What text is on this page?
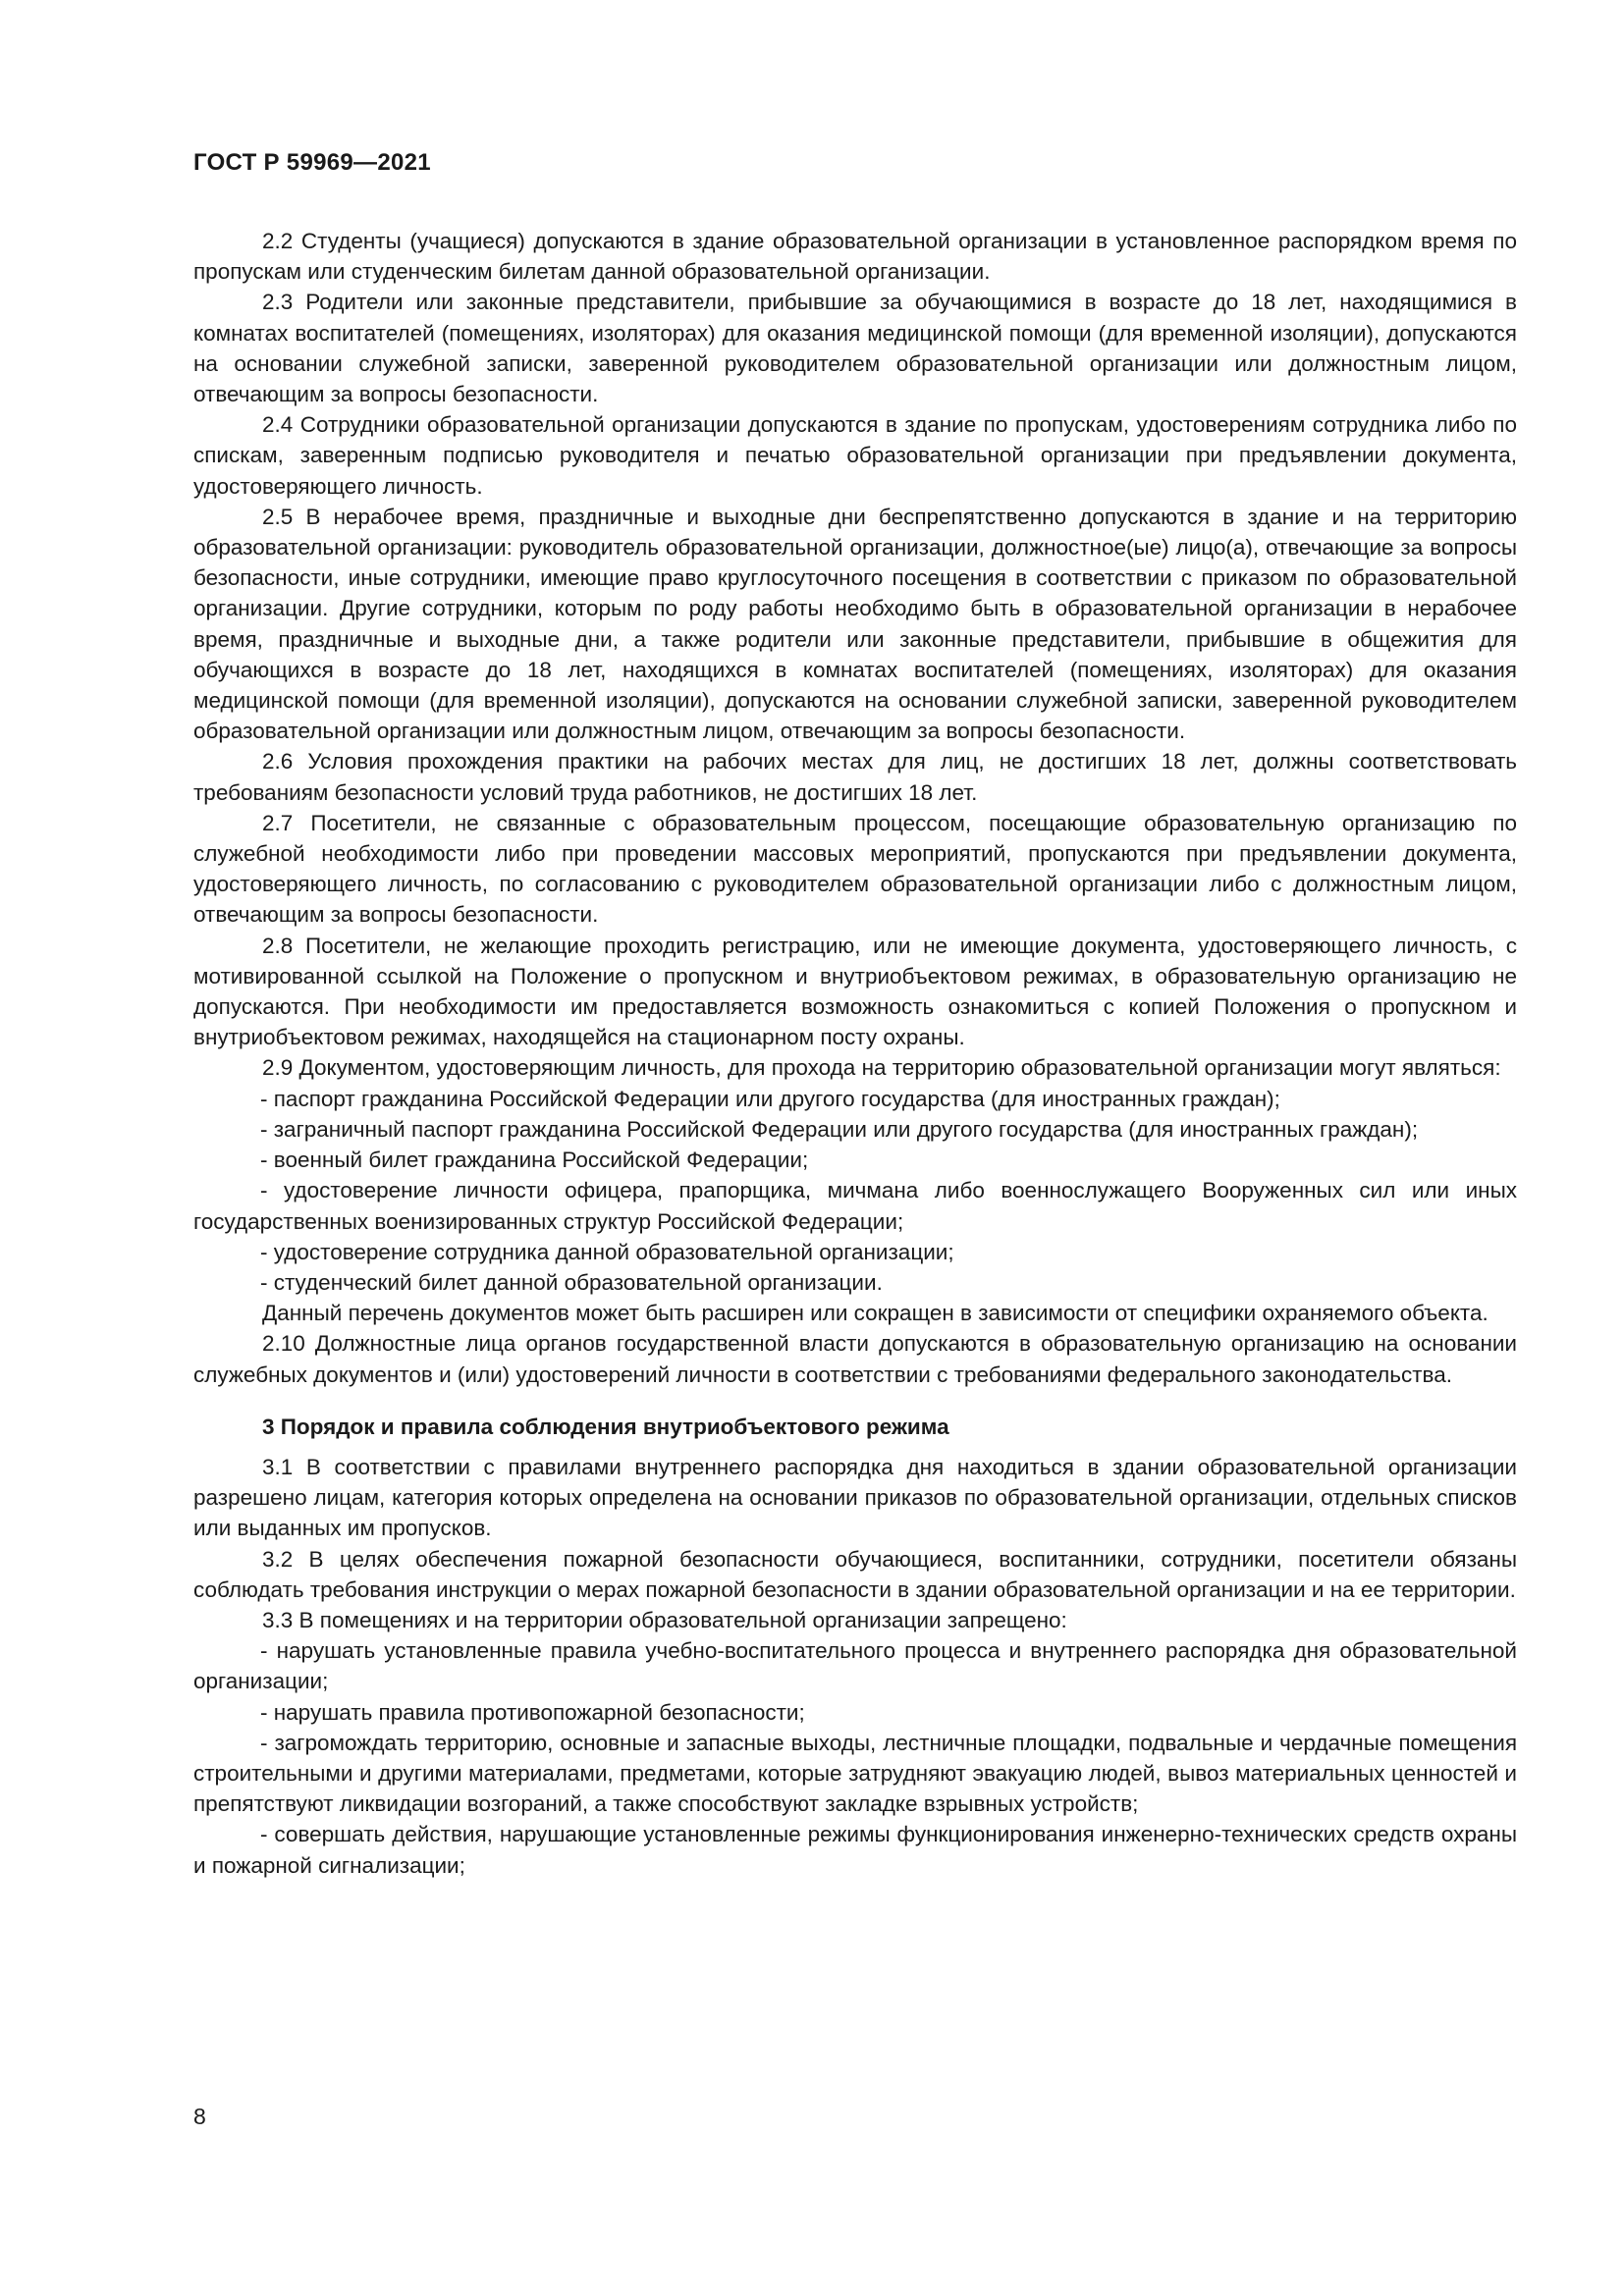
ГОСТ Р 59969—2021

2.2 Студенты (учащиеся) допускаются в здание образовательной организации в установленное распорядком время по пропускам или студенческим билетам данной образовательной организации.

2.3 Родители или законные представители, прибывшие за обучающимися в возрасте до 18 лет, находящимися в комнатах воспитателей (помещениях, изоляторах) для оказания медицинской помощи (для временной изоляции), допускаются на основании служебной записки, заверенной руководителем образовательной организации или должностным лицом, отвечающим за вопросы безопасности.

2.4 Сотрудники образовательной организации допускаются в здание по пропускам, удостоверениям сотрудника либо по спискам, заверенным подписью руководителя и печатью образовательной организации при предъявлении документа, удостоверяющего личность.

2.5 В нерабочее время, праздничные и выходные дни беспрепятственно допускаются в здание и на территорию образовательной организации: руководитель образовательной организации, должностное(ые) лицо(а), отвечающие за вопросы безопасности, иные сотрудники, имеющие право круглосуточного посещения в соответствии с приказом по образовательной организации. Другие сотрудники, которым по роду работы необходимо быть в образовательной организации в нерабочее время, праздничные и выходные дни, а также родители или законные представители, прибывшие в общежития для обучающихся в возрасте до 18 лет, находящихся в комнатах воспитателей (помещениях, изоляторах) для оказания медицинской помощи (для временной изоляции), допускаются на основании служебной записки, заверенной руководителем образовательной организации или должностным лицом, отвечающим за вопросы безопасности.

2.6 Условия прохождения практики на рабочих местах для лиц, не достигших 18 лет, должны соответствовать требованиям безопасности условий труда работников, не достигших 18 лет.

2.7 Посетители, не связанные с образовательным процессом, посещающие образовательную организацию по служебной необходимости либо при проведении массовых мероприятий, пропускаются при предъявлении документа, удостоверяющего личность, по согласованию с руководителем образовательной организации либо с должностным лицом, отвечающим за вопросы безопасности.

2.8 Посетители, не желающие проходить регистрацию, или не имеющие документа, удостоверяющего личность, с мотивированной ссылкой на Положение о пропускном и внутриобъектовом режимах, в образовательную организацию не допускаются. При необходимости им предоставляется возможность ознакомиться с копией Положения о пропускном и внутриобъектовом режимах, находящейся на стационарном посту охраны.

2.9 Документом, удостоверяющим личность, для прохода на территорию образовательной организации могут являться:

- паспорт гражданина Российской Федерации или другого государства (для иностранных граждан);

- заграничный паспорт гражданина Российской Федерации или другого государства (для иностранных граждан);

- военный билет гражданина Российской Федерации;

- удостоверение личности офицера, прапорщика, мичмана либо военнослужащего Вооруженных сил или иных государственных военизированных структур Российской Федерации;

- удостоверение сотрудника данной образовательной организации;

- студенческий билет данной образовательной организации.

Данный перечень документов может быть расширен или сокращен в зависимости от специфики охраняемого объекта.

2.10 Должностные лица органов государственной власти допускаются в образовательную организацию на основании служебных документов и (или) удостоверений личности в соответствии с требованиями федерального законодательства.

3 Порядок и правила соблюдения внутриобъектового режима

3.1 В соответствии с правилами внутреннего распорядка дня находиться в здании образовательной организации разрешено лицам, категория которых определена на основании приказов по образовательной организации, отдельных списков или выданных им пропусков.

3.2 В целях обеспечения пожарной безопасности обучающиеся, воспитанники, сотрудники, посетители обязаны соблюдать требования инструкции о мерах пожарной безопасности в здании образовательной организации и на ее территории.

3.3 В помещениях и на территории образовательной организации запрещено:

- нарушать установленные правила учебно-воспитательного процесса и внутреннего распорядка дня образовательной организации;

- нарушать правила противопожарной безопасности;

- загромождать территорию, основные и запасные выходы, лестничные площадки, подвальные и чердачные помещения строительными и другими материалами, предметами, которые затрудняют эвакуацию людей, вывоз материальных ценностей и препятствуют ликвидации возгораний, а также способствуют закладке взрывных устройств;

- совершать действия, нарушающие установленные режимы функционирования инженерно-технических средств охраны и пожарной сигнализации;

8
